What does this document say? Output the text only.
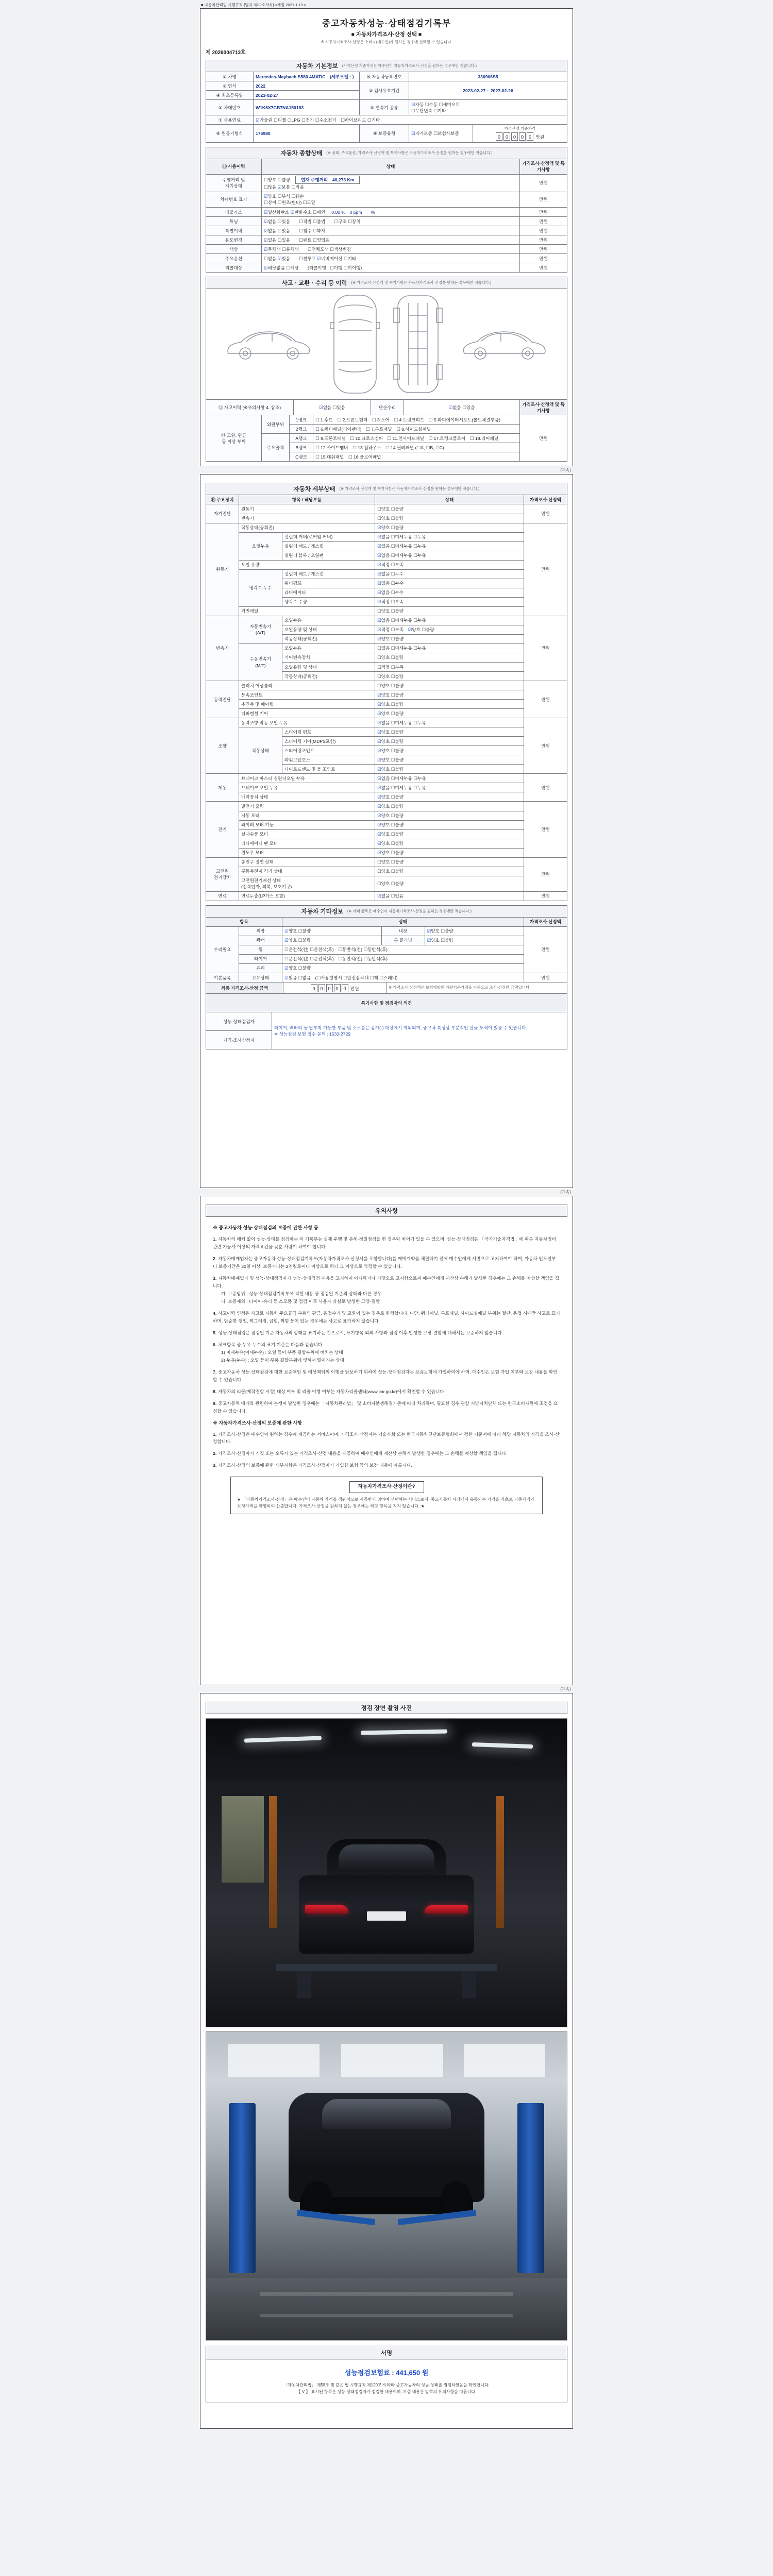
■ 자동차관리법 시행규칙 [별지 제82호서식] <개정 2021.1.19.>
중고자동차성능·상태점검기록부
■ 자동차가격조사·산정 선택 ■
※ 자동차가격조사·산정은 소비자(매수인)가 원하는 경우에 선택할 수 있습니다.
제 2026004713호
자동차 기본정보 (가격산정 기준가격은 매수인이 자동차가격조사·산정을 원하는 경우에만 적습니다.)
① 차명	Mercedes-Maybach S580 4MATIC (세부모델 : )	⑩ 자동차등록번호	330906S5	
② 연식	2022	③ 검사유효기간	2023-02-27 ~ 2027-02-26	
④ 최초등록일	2023-02-27			
⑤ 차대번호	W1K6X7GB7NA150183	⑥ 변속기 종류	☑자동 ☐수동 ☐세미오토
☐무단변속 ☐기타	
⑦ 사용연료	☑가솔린 ☐디젤 ☐LPG ☐전기 ☐수소전기 ☐하이브리드 ☐기타			
⑧ 원동기형식	176980	⑨ 보증유형	☑자가보증 ☐보험사보증	가격산정 기준가격
0 0 0 0 0 만원
자동차 종합상태 (※ 상태, 주요옵션, 가격조사·산정액 및 특기사항은 자동차가격조사·산정을 원하는 경우에만 적습니다.)
⑪ 사용이력	상태	가격조사·산정액 및 특기사항
주행거리 및
계기상태	
☐양호 ☐불량 현재 주행거리 40,273 Km
☐많음 ☑보통 ☐적음
	만원
차대번호 표기	☑양호 ☐부식 ☐훼손
☐상이 ☐변조(변타) ☐도말	만원
배출가스	☑일산화탄소 ☑탄화수소 ☐매연 0.00 % 0 ppm  %	만원
튜닝	☑없음 ☐있음  ☐적법 ☐불법  ☐구조 ☐장치	만원
특별이력	☑없음 ☐있음  ☐침수 ☐화재	만원
용도변경	☑없음 ☐있음  ☐렌트 ☐영업용	만원
색상	☑무채색 ☐유채색  ☐전체도색 ☐색상변경	만원
주요옵션	☐없음 ☑있음  ☐썬루프 ☑네비게이션 ☐기타	만원
리콜대상	☑해당없음 ☐해당  (리콜이행 : ☐이행 ☐미이행)	만원
사고 · 교환 · 수리 등 이력 (※ 가격조사·산정액 및 특기사항은 자동차가격조사·산정을 원하는 경우에만 적습니다.)
⑫ 사고이력 (※유의사항 4. 참조)	☑없음 ☐있음	단순수리	☑없음 ☐있음	가격조사·산정액 및 특기사항
⑬ 교환, 판금
등 이상 부위	외판부위	1랭크	☐ 1.후드 ☐ 2.프론트펜더 ☐ 3.도어 ☐ 4.트렁크리드 ☐ 5.라디에이터서포트(볼트체결부품)	만원
		2랭크	☐ 6.쿼터패널(리어펜더) ☐ 7.루프패널 ☐ 8.사이드실패널	
	주요골격	A랭크	☐ 9.프론트패널 ☐ 10.크로스멤버 ☐ 11.인사이드패널 ☐ 17.트렁크플로어 ☐ 18.리어패널	
		B랭크	☐ 12.사이드멤버 ☐ 13.휠하우스 ☐ 14.필러패널 (☐A, ☐B, ☐C)	
		C랭크	☐ 15.대쉬패널 ☐ 16.플로어패널	
(계속)
자동차 세부상태 (※ 가격조사·산정액 및 특기사항은 자동차가격조사·산정을 원하는 경우에만 적습니다.)
⑭ 주요장치	항목 / 해당부품		상태	가격조사·산정액
자기진단	원동기		☐양호 ☐불량	만원
	변속기		☐양호 ☐불량	
원동기	작동상태(공회전)		☑양호 ☐불량	만원
	오일누유	실린더 커버(로커암 커버)	☑없음 ☐미세누유 ☐누유	
		실린더 헤드 / 개스킷	☑없음 ☐미세누유 ☐누유	
		실린더 블록 / 오일팬	☑없음 ☐미세누유 ☐누유	
	오일 유량		☑적정 ☐부족	
	냉각수 누수	실린더 헤드 / 개스킷	☑없음 ☐누수	
		워터펌프	☑없음 ☐누수	
		라디에이터	☑없음 ☐누수	
		냉각수 수량	☑적정 ☐부족	
	커먼레일		☐양호 ☐불량	
변속기	자동변속기
(A/T)	오일누유	☑없음 ☐미세누유 ☐누유	만원
		오일유량 및 상태	☑적정 ☐부족 ☑양호 ☐불량	
		작동상태(공회전)	☑양호 ☐불량	
	수동변속기
(M/T)	오일누유	☐없음 ☐미세누유 ☐누유	
		기어변속장치	☐양호 ☐불량	
		오일유량 및 상태	☐적정 ☐부족	
		작동상태(공회전)	☐양호 ☐불량	
동력전달	클러치 어셈블리		☐양호 ☐불량	만원
	등속조인트		☑양호 ☐불량	
	추진축 및 베어링		☑양호 ☐불량	
	디퍼렌셜 기어		☑양호 ☐불량	
조향	동력조향 작동 오일 누유		☑없음 ☐미세누유 ☐누유	만원
	작동상태	스티어링 펌프	☑양호 ☐불량	
		스티어링 기어(MDPS포함)	☑양호 ☐불량	
		스티어링조인트	☑양호 ☐불량	
		파워고압호스	☑양호 ☐불량	
		타이로드엔드 및 볼 조인트	☑양호 ☐불량	
제동	브레이크 마스터 실린더오일 누유		☑없음 ☐미세누유 ☐누유	만원
	브레이크 오일 누유		☑없음 ☐미세누유 ☐누유	
	배력장치 상태		☑양호 ☐불량	
전기	발전기 출력		☑양호 ☐불량	만원
	시동 모터		☑양호 ☐불량	
	와이퍼 모터 기능		☑양호 ☐불량	
	실내송풍 모터		☑양호 ☐불량	
	라디에이터 팬 모터		☑양호 ☐불량	
	윈도우 모터		☑양호 ☐불량	
고전원
전기장치	충전구 절연 상태		☐양호 ☐불량	만원
	구동축전지 격리 상태		☐양호 ☐불량	
	고전원전기배선 상태
(접속단자, 피복, 보호기구)		☐양호 ☐불량	
연료	연료누출(LP가스 포함)		☑없음 ☐있음	만원
자동차 기타정보 (※ 아래 항목은 매수인이 자동차가격조사·산정을 원하는 경우에만 적습니다.)
항목		상태			가격조사·산정액
수리필요	외장	☑양호 ☐불량	내장	☑양호 ☐불량	만원
	광택	☑양호 ☐불량	룸 클리닝	☑양호 ☐불량	
	휠	☐운전석(전) ☐운전석(후) ☐동반석(전) ☐동반석(후)			
	타이어	☐운전석(전) ☐운전석(후) ☐동반석(전) ☐동반석(후)			
	유리	☑양호 ☐불량			
기본품목	보유상태	☑있음 ☐없음 (☐사용설명서 ☐안전삼각대 ☐잭 ☐스패너)			만원
최종 가격조사·산정 금액	0 0 0 0 0 만원	※ 가격조사·산정액은 보험개발원 차량기준가액을 기준으로 조사·산정한 금액입니다.
특기사항 및 점검자의 의견
성능·상태점검자	타이어, 배터리 등 탈부착 가능한 부품 및 소모품은 감가(-) 대상에서 제외되며, 중고차 특성상 부분적인 판금·도색이 있을 수 있습니다.
※ 성능점검 보험 접수 문의 : 1533-2729
가격·조사산정자
(계속)
유의사항
※ 중고자동차 성능·상태점검의 보증에 관한 사항 등
1. 자동차의 해체 없이 성능·상태를 점검하는 이 기록부는 실제 주행 및 분해·정밀점검을 한 경우와 차이가 있을 수 있으며, 성능·상태점검은 「국가기술자격법」에 따른 자동차정비 관련 기능사 이상의 자격요건을 갖춘 사람이 하여야 합니다.
2. 자동차매매업자는 중고자동차 성능·상태점검기록부(자동차가격조사·산정서를 포함합니다)를 매매계약을 체결하기 전에 매수인에게 서면으로 고지하여야 하며, 자동차 인도일부터 보증기간은 30일 이상, 보증거리는 2천킬로미터 이상으로 하되 그 이상으로 약정할 수 있습니다.
3. 자동차매매업자 및 성능·상태점검자가 성능·상태점검 내용을 고지하지 아니하거나 거짓으로 고지함으로써 매수인에게 재산상 손해가 발생한 경우에는 그 손해를 배상할 책임을 집니다.
가. 보증범위 : 성능·상태점검기록부에 적힌 내용 중 점검일 기준의 상태와 다른 경우
나. 보증제외 : 타이어·유리 등 소모품 및 점검 이후 사용자 과실로 발생한 고장·결함
4. 사고이력 인정은 사고로 자동차 주요골격 부위의 판금, 용접수리 및 교환이 있는 경우로 한정합니다. 다만, 쿼터패널, 루프패널, 사이드실패널 부위는 절단, 용접 시에만 사고로 표기하며, 단순한 꺾임, 찌그러짐, 긁힘, 찍힘 등이 있는 경우에는 사고로 표기하지 않습니다.
5. 성능·상태점검은 점검일 기준 자동차의 상태를 표기하는 것으로서, 표기항목 외의 사항과 점검 이후 발생한 고장·결함에 대해서는 보증하지 않습니다.
6. 체크항목 중 누유·누수의 표기 기준은 다음과 같습니다.
1) 미세누유(미세누수) : 오일 등이 부품 결합부위에 비치는 상태
2) 누유(누수) : 오일 등이 부품 결합부위에 맺혀서 떨어지는 상태
7. 중고자동차 성능·상태점검에 대한 보증책임 및 배상책임의 이행을 담보하기 위하여 성능·상태점검자는 보증보험에 가입하여야 하며, 매수인은 보험 가입 여부와 보장 내용을 확인할 수 있습니다.
8. 자동차의 리콜(제작결함 시정) 대상 여부 및 리콜 이행 여부는 자동차리콜센터(www.car.go.kr)에서 확인할 수 있습니다.
9. 중고자동차 매매와 관련하여 분쟁이 발생한 경우에는 「자동차관리법」 및 소비자분쟁해결기준에 따라 처리하며, 필요한 경우 관할 지방자치단체 또는 한국소비자원에 조정을 요청할 수 있습니다.
※ 자동차가격조사·산정의 보증에 관한 사항
1. 가격조사·산정은 매수인이 원하는 경우에 제공하는 서비스이며, 가격조사·산정자는 기술사회 또는 한국자동차진단보증협회에서 정한 기준서에 따라 해당 자동차의 가격을 조사·산정합니다.
2. 가격조사·산정자가 거짓 또는 오류가 있는 가격조사·산정 내용을 제공하여 매수인에게 재산상 손해가 발생한 경우에는 그 손해를 배상할 책임을 집니다.
3. 가격조사·산정의 보증에 관한 세부사항은 가격조사·산정자가 가입한 보험 등의 보장 내용에 따릅니다.
자동차가격조사·산정이란?
★ 「자동차가격조사·산정」은 매수인이 자동차 가격을 객관적으로 제공받기 위하여 선택하는 서비스로서, 중고자동차 시장에서 유통되는 가격을 기초로 기준가격과 보정가격을 반영하여 산출합니다. 가격조사·산정을 원하지 않는 경우에는 해당 항목을 적지 않습니다. ★
(계속)
점검 장면 촬영 사진
서명
성능점검보험료 : 441,650 원
「자동차관리법」 제58조 및 같은 법 시행규칙 제120조에 따라 중고자동차의 성능·상태를 점검하였음을 확인합니다.
【 V 】 표시된 항목은 성능·상태점검자가 점검한 내용이며, 보증 내용은 앞쪽의 유의사항을 따릅니다.
